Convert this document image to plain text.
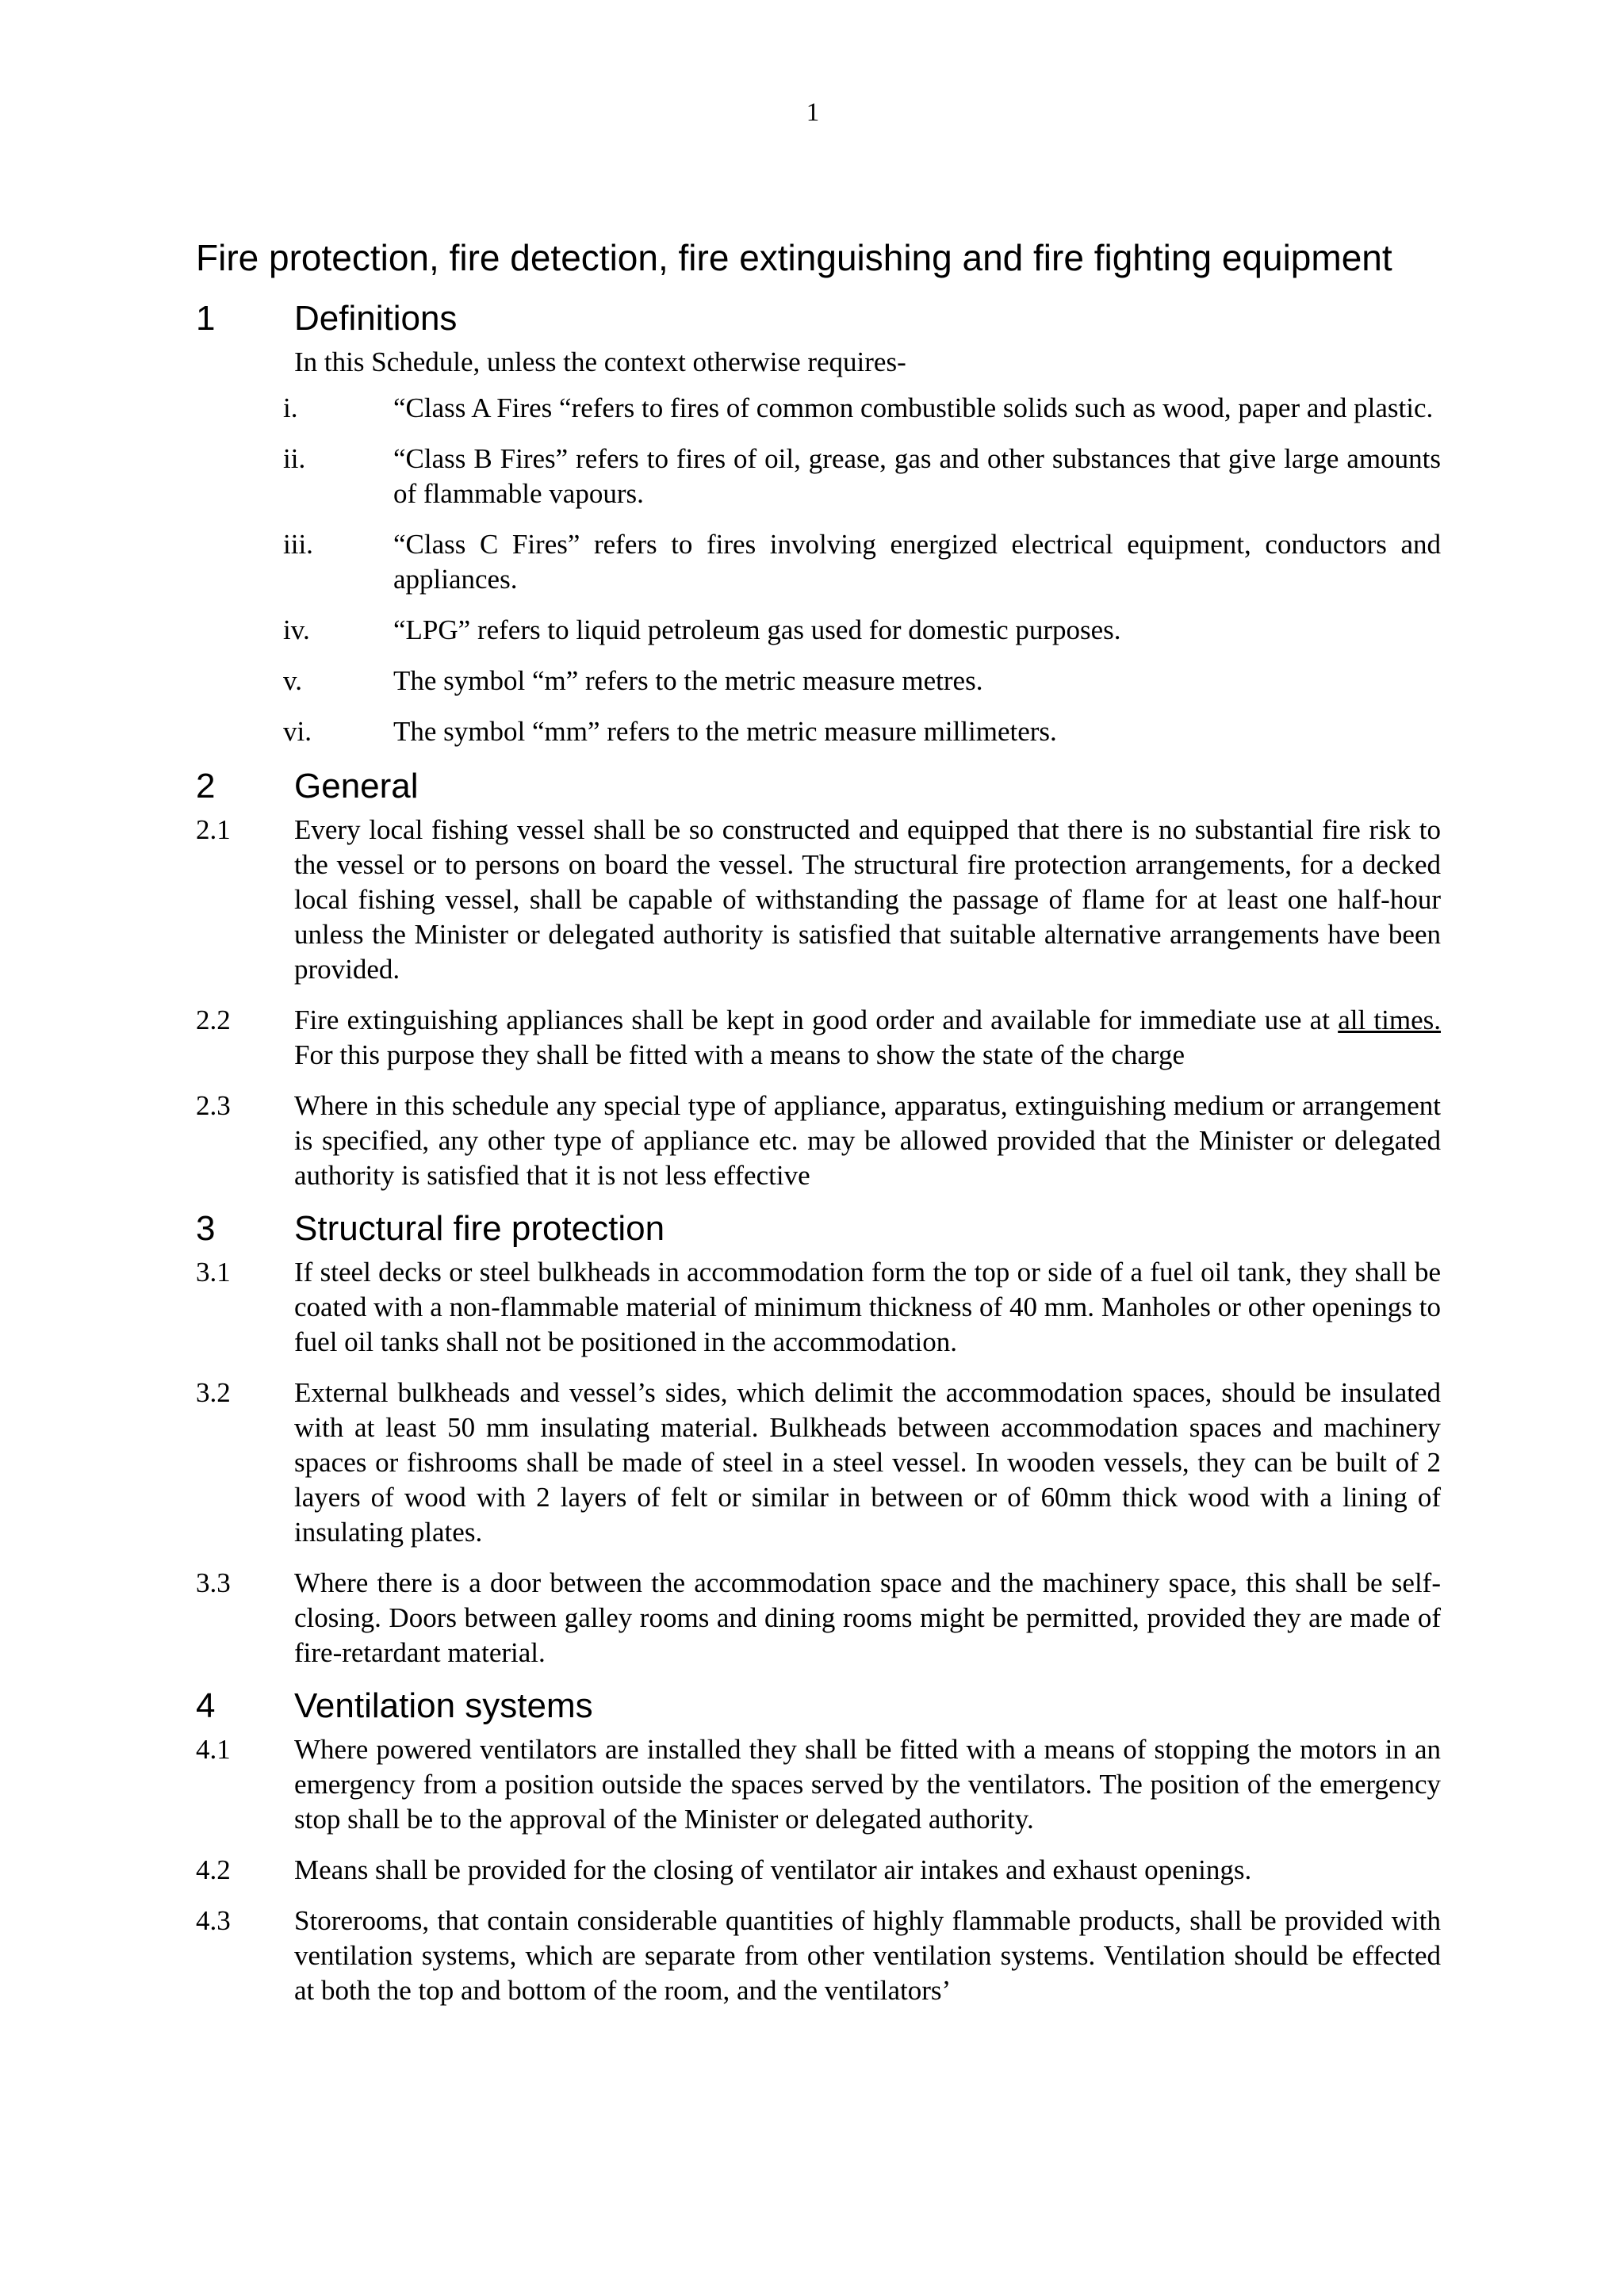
1
Fire protection, fire detection, fire extinguishing and fire fighting equipment
1	Definitions
In this Schedule, unless the context otherwise requires-
i.	“Class A Fires “refers to fires of common combustible solids such as wood, paper and plastic.
ii.	“Class B Fires” refers to fires of oil, grease, gas and other substances that give large amounts of flammable vapours.
iii.	“Class C Fires” refers to fires involving energized electrical equipment, conductors and appliances.
iv.	“LPG” refers to liquid petroleum gas used for domestic purposes.
v.	The symbol “m” refers to the metric measure metres.
vi.	The symbol “mm” refers to the metric measure millimeters.
2	General
2.1	Every local fishing vessel shall be so constructed and equipped that there is no substantial fire risk to the vessel or to persons on board the vessel. The structural fire protection arrangements, for a decked local fishing vessel, shall be capable of withstanding the passage of flame for at least one half-hour unless the Minister or delegated authority is satisfied that suitable alternative arrangements have been provided.
2.2	Fire extinguishing appliances shall be kept in good order and available for immediate use at all times. For this purpose they shall be fitted with a means to show the state of the charge
2.3	Where in this schedule any special type of appliance, apparatus, extinguishing medium or arrangement is specified, any other type of appliance etc. may be allowed provided that the Minister or delegated authority is satisfied that it is not less effective
3	Structural fire protection
3.1	If steel decks or steel bulkheads in accommodation form the top or side of a fuel oil tank, they shall be coated with a non-flammable material of minimum thickness of 40 mm. Manholes or other openings to fuel oil tanks shall not be positioned in the accommodation.
3.2	External bulkheads and vessel’s sides, which delimit the accommodation spaces, should be insulated with at least 50 mm insulating material. Bulkheads between accommodation spaces and machinery spaces or fishrooms shall be made of steel in a steel vessel. In wooden vessels, they can be built of 2 layers of wood with 2 layers of felt or similar in between or of 60mm thick wood with a lining of insulating plates.
3.3	Where there is a door between the accommodation space and the machinery space, this shall be self-closing. Doors between galley rooms and dining rooms might be permitted, provided they are made of fire-retardant material.
4	Ventilation systems
4.1	Where powered ventilators are installed they shall be fitted with a means of stopping the motors in an emergency from a position outside the spaces served by the ventilators. The position of the emergency stop shall be to the approval of the Minister or delegated authority.
4.2	Means shall be provided for the closing of ventilator air intakes and exhaust openings.
4.3	Storerooms, that contain considerable quantities of highly flammable products, shall be provided with ventilation systems, which are separate from other ventilation systems. Ventilation should be effected at both the top and bottom of the room, and the ventilators’
